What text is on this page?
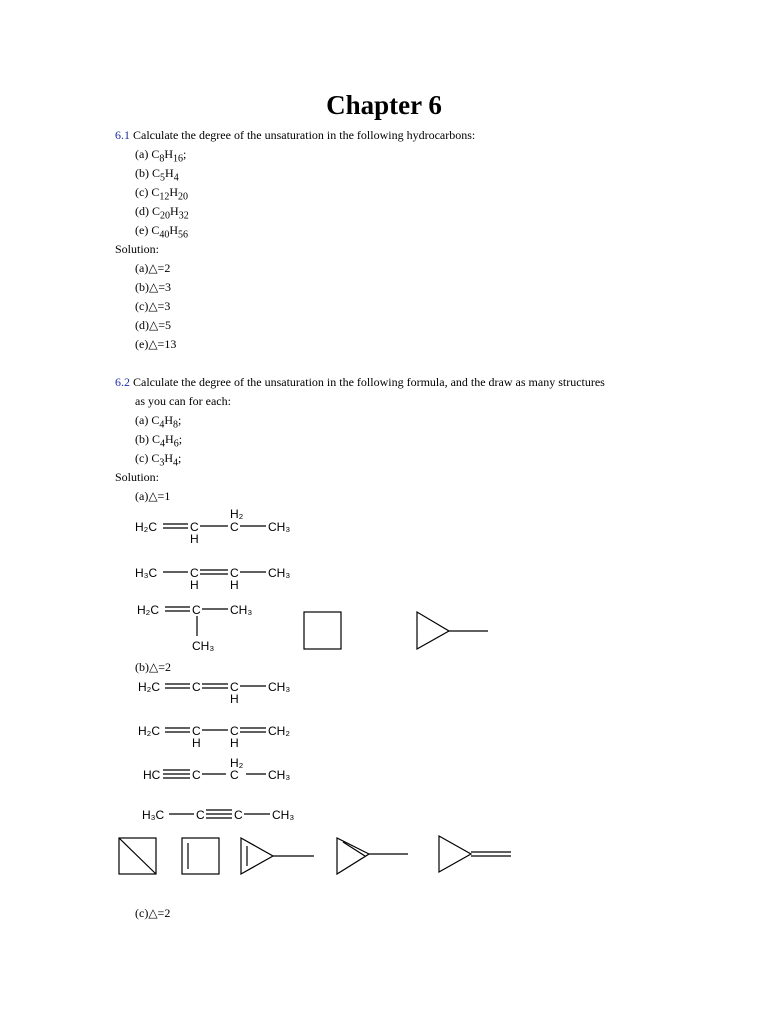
Chapter 6
6.1 Calculate the degree of the unsaturation in the following hydrocarbons:
(a) $C_8H_{16}$;
(b) $C_5H_4$
(c) $C_{12}H_{20}$
(d) $C_{20}H_{32}$
(e) $C_{40}H_{56}$
Solution:
(a)△=2
(b)△=3
(c)△=3
(d)△=5
(e)△=13
6.2 Calculate the degree of the unsaturation in the following formula, and the draw as many structures
as you can for each:
(a) $C_4H_8$;
(b) $C_4H_6$;
(c) $C_3H_4$;
Solution:
(a)△=1
H₂
H₂C	C
H
C CH₃
H₃C	C
H
C
H
CH₃
H₂C	C CH₃
CH₃
(b)△=2
H₂C	C C
H
CH₃
H₂C	C
H
C
H
CH₂
H₂
HC	C C CH₃
H₃C	C C CH₃
(c)△=2
